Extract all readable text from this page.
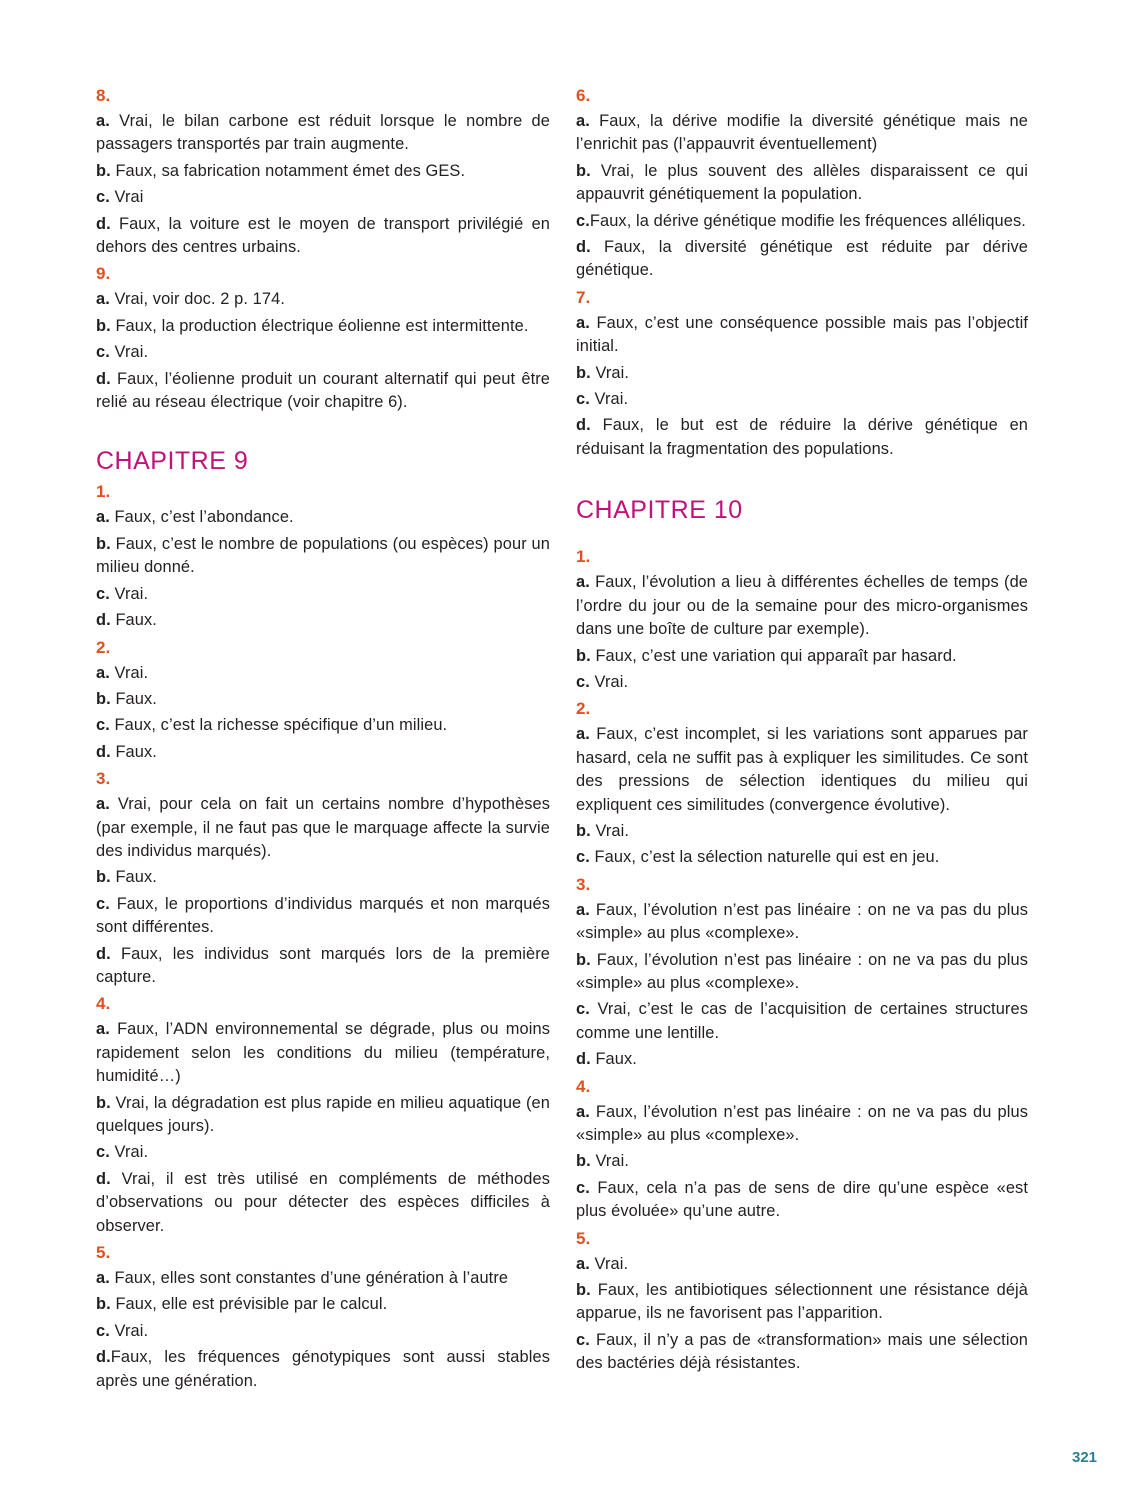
8.
a. Vrai, le bilan carbone est réduit lorsque le nombre de passagers transportés par train augmente.
b. Faux, sa fabrication notamment émet des GES.
c. Vrai
d. Faux, la voiture est le moyen de transport privilégié en dehors des centres urbains.
9.
a. Vrai, voir doc. 2 p. 174.
b. Faux, la production électrique éolienne est intermittente.
c. Vrai.
d. Faux, l’éolienne produit un courant alternatif qui peut être relié au réseau électrique (voir chapitre 6).
CHAPITRE 9
1.
a. Faux, c’est l’abondance.
b. Faux, c’est le nombre de populations (ou espèces) pour un milieu donné.
c. Vrai.
d. Faux.
2.
a. Vrai.
b. Faux.
c. Faux, c’est la richesse spécifique d’un milieu.
d. Faux.
3.
a. Vrai, pour cela on fait un certains nombre d’hypothèses (par exemple, il ne faut pas que le marquage affecte la survie des individus marqués).
b. Faux.
c. Faux, le proportions d’individus marqués et non marqués sont différentes.
d. Faux, les individus sont marqués lors de la première capture.
4.
a. Faux, l’ADN environnemental se dégrade, plus ou moins rapidement selon les conditions du milieu (température, humidité…)
b. Vrai, la dégradation est plus rapide en milieu aquatique (en quelques jours).
c. Vrai.
d. Vrai, il est très utilisé en compléments de méthodes d’observations ou pour détecter des espèces difficiles à observer.
5.
a. Faux, elles sont constantes d’une génération à l’autre
b. Faux, elle est prévisible par le calcul.
c. Vrai.
d.Faux, les fréquences génotypiques sont aussi stables après une génération.
6.
a. Faux, la dérive modifie la diversité génétique mais ne l’enrichit pas (l’appauvrit éventuellement)
b. Vrai, le plus souvent des allèles disparaissent ce qui appauvrit génétiquement la population.
c.Faux, la dérive génétique modifie les fréquences alléliques.
d. Faux, la diversité génétique est réduite par dérive génétique.
7.
a. Faux, c’est une conséquence possible mais pas l’objectif initial.
b. Vrai.
c. Vrai.
d. Faux, le but est de réduire la dérive génétique en réduisant la fragmentation des populations.
CHAPITRE 10
1.
a. Faux, l’évolution a lieu à différentes échelles de temps (de l’ordre du jour ou de la semaine pour des micro-organismes dans une boîte de culture par exemple).
b. Faux, c’est une variation qui apparaît par hasard.
c. Vrai.
2.
a. Faux, c’est incomplet, si les variations sont apparues par hasard, cela ne suffit pas à expliquer les similitudes. Ce sont des pressions de sélection identiques du milieu qui expliquent ces similitudes (convergence évolutive).
b. Vrai.
c. Faux, c’est la sélection naturelle qui est en jeu.
3.
a. Faux, l’évolution n’est pas linéaire : on ne va pas du plus «simple» au plus «complexe».
b. Faux, l’évolution n’est pas linéaire : on ne va pas du plus «simple» au plus «complexe».
c. Vrai, c’est le cas de l’acquisition de certaines structures comme une lentille.
d. Faux.
4.
a. Faux, l’évolution n’est pas linéaire : on ne va pas du plus «simple» au plus «complexe».
b. Vrai.
c. Faux, cela n’a pas de sens de dire qu’une espèce «est plus évoluée» qu’une autre.
5.
a. Vrai.
b. Faux, les antibiotiques sélectionnent une résistance déjà apparue, ils ne favorisent pas l’apparition.
c. Faux, il n’y a pas de «transformation» mais une sélection des bactéries déjà résistantes.
321
